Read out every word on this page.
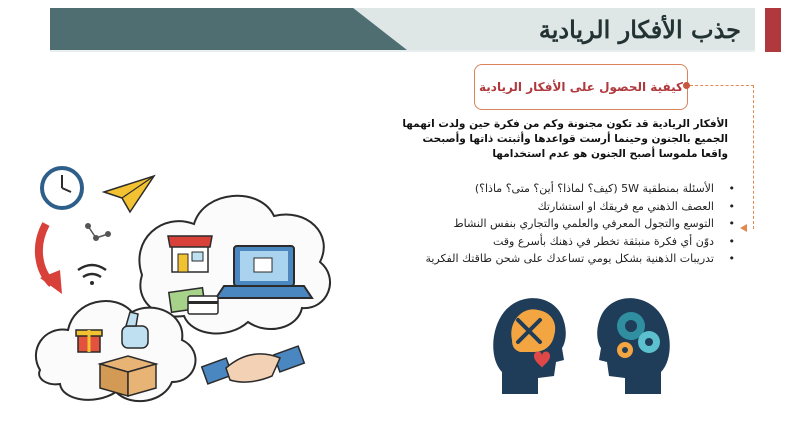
جذب الأفكار الريادية
كيفية الحصول على الأفكار الريادية
الأفكار الريادية قد تكون مجنونة وكم من فكرة حين ولدت اتهمها الجميع بالجنون وحينما أرست قواعدها وأثبتت ذاتها وأصبحت واقعا ملموسا أصبح الجنون هو عدم استخدامها
• الأسئلة بمنطقية 5W (كيف؟ لماذا؟ أين؟ متى؟ ماذا؟)
• العصف الذهني مع فريقك او استشارتك
• التوسع والتجول المعرفي والعلمي والتجاري بنفس النشاط
• دوّن أي فكرة منبثقة تخطر في ذهنك بأسرع وقت
• تدريبات الذهنية بشكل يومي تساعدك على شحن طاقتك الفكرية
